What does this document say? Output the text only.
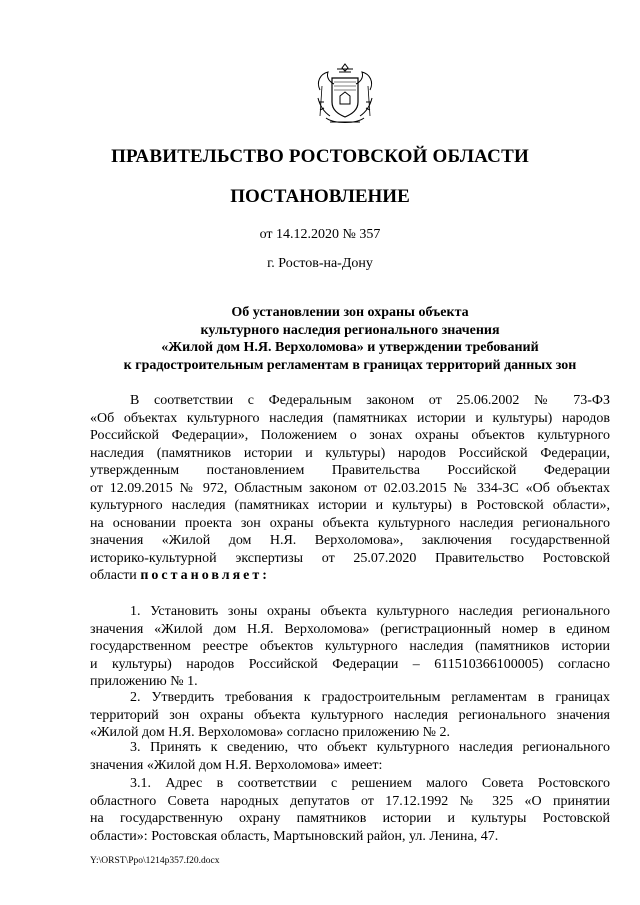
ПРАВИТЕЛЬСТВО РОСТОВСКОЙ ОБЛАСТИ
ПОСТАНОВЛЕНИЕ
от 14.12.2020 № 357
г. Ростов-на-Дону
Об установлении зон охраны объекта
культурного наследия регионального значения
«Жилой дом Н.Я. Верхоломова» и утверждении требований
к градостроительным регламентам в границах территорий данных зон
В соответствии с Федеральным законом от 25.06.2002 № 73-ФЗ
«Об объектах культурного наследия (памятниках истории и культуры) народов
Российской Федерации», Положением о зонах охраны объектов культурного
наследия (памятников истории и культуры) народов Российской Федерации,
утвержденным постановлением Правительства Российской Федерации
от 12.09.2015 № 972, Областным законом от 02.03.2015 № 334-ЗС «Об объектах
культурного наследия (памятниках истории и культуры) в Ростовской области»,
на основании проекта зон охраны объекта культурного наследия регионального
значения «Жилой дом Н.Я. Верхоломова», заключения государственной
историко-культурной экспертизы от 25.07.2020 Правительство Ростовской
области постановляет:
1. Установить зоны охраны объекта культурного наследия регионального
значения «Жилой дом Н.Я. Верхоломова» (регистрационный номер в едином
государственном реестре объектов культурного наследия (памятников истории
и культуры) народов Российской Федерации – 611510366100005) согласно
приложению № 1.
2. Утвердить требования к градостроительным регламентам в границах
территорий зон охраны объекта культурного наследия регионального значения
«Жилой дом Н.Я. Верхоломова» согласно приложению № 2.
3. Принять к сведению, что объект культурного наследия регионального
значения «Жилой дом Н.Я. Верхоломова» имеет:
3.1. Адрес в соответствии с решением малого Совета Ростовского
областного Совета народных депутатов от 17.12.1992 № 325 «О принятии
на государственную охрану памятников истории и культуры Ростовской
области»: Ростовская область, Мартыновский район, ул. Ленина, 47.
Y:\ORST\Ppo\1214p357.f20.docx
